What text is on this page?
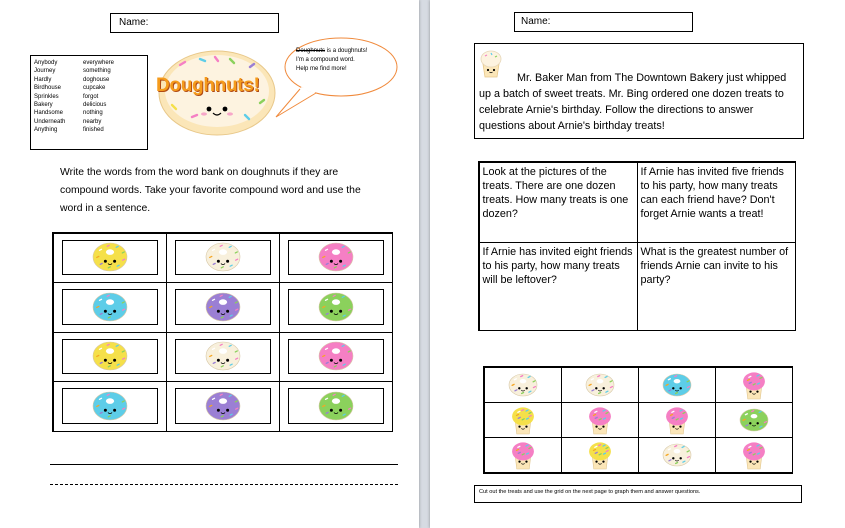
Name:
Anybody
Journey
Hardly
Birdhouse
Sprinkles
Bakery
Handsome
Underneath
Anything
everywhere
something
doghouse
cupcake
forgot
delicious
nothing
nearby
finished
Doughnuts!
Doughnuts is a doughnuts!
I'm a compound word.
Help me find more!
Write the words from the word bank on doughnuts if they are compound words. Take your favorite compound word and use the word in a sentence.
Name:
Mr. Baker Man from The Downtown Bakery just whipped up a batch of sweet treats. Mr. Bing ordered one dozen treats to celebrate Arnie's birthday. Follow the directions to answer questions about Arnie's birthday treats!
Look at the pictures of the treats. There are one dozen treats. How many treats is one dozen?
If Arnie has invited five friends to his party, how many treats can each friend have? Don't forget Arnie wants a treat!
If Arnie has invited eight friends to his party, how many treats will be leftover?
What is the greatest number of friends Arnie can invite to his party?
Cut out the treats and use the grid on the next page to graph them and answer questions.
